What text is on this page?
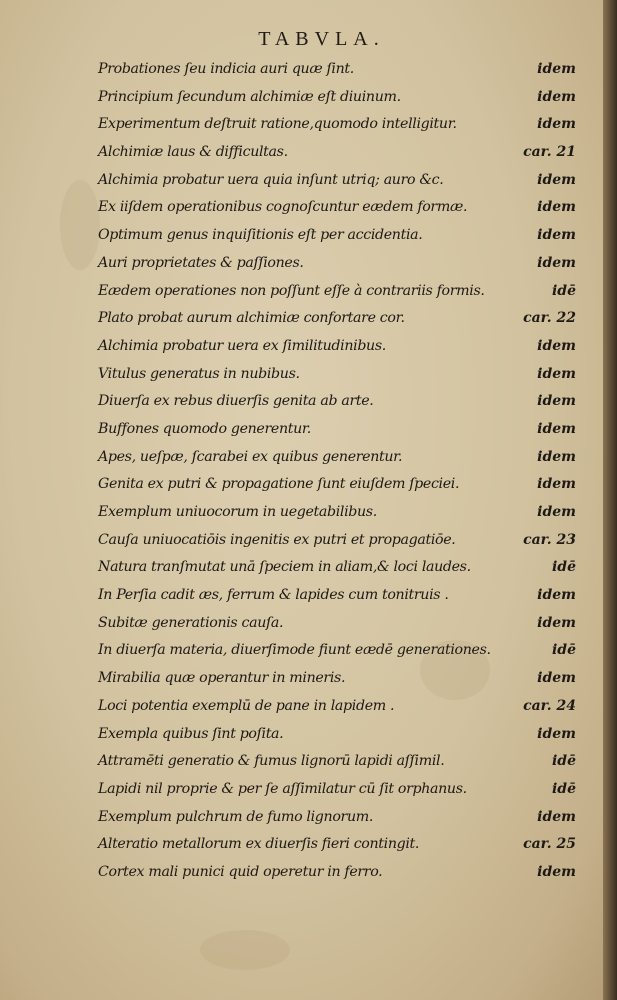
TABVLA.
Probationes ſeu indicia auri quæ ſint.	idem
Principium ſecundum alchimiæ eſt diuinum.	idem
Experimentum deſtruit ratione,quomodo intelligitur.	idem
Alchimiæ laus & difficultas.	car. 21
Alchimia probatur uera quia inſunt utriq; auro &c.	idem
Ex iiſdem operationibus cognoſcuntur eædem formæ.	idem
Optimum genus inquiſitionis eſt per accidentia.	idem
Auri proprietates & paſſiones.	idem
Eædem operationes non poſſunt eſſe à contrariis formis.	idē
Plato probat aurum alchimiæ confortare cor.	car. 22
Alchimia probatur uera ex ſimilitudinibus.	idem
Vitulus generatus in nubibus.	idem
Diuerſa ex rebus diuerſis genita ab arte.	idem
Buffones quomodo generentur.	idem
Apes, ueſpæ, ſcarabei ex quibus generentur.	idem
Genita ex putri & propagatione ſunt eiuſdem ſpeciei.	idem
Exemplum uniuocorum in uegetabilibus.	idem
Cauſa uniuocatiōis ingenitis ex putri et propagatiōe.	car. 23
Natura tranſmutat unā ſpeciem in aliam,& loci laudes.	idē
In Perſia cadit æs, ferrum & lapides cum tonitruis .	idem
Subitæ generationis cauſa.	idem
In diuerſa materia, diuerſimode fiunt eædē generationes.	idē
Mirabilia quæ operantur in mineris.	idem
Loci potentia exemplū de pane in lapidem .	car. 24
Exempla quibus ſint poſita.	idem
Attramēti generatio & fumus lignorū lapidi aſſimil.	idē
Lapidi nil proprie & per ſe aſſimilatur cū ſit orphanus.	idē
Exemplum pulchrum de fumo lignorum.	idem
Alteratio metallorum ex diuerſis fieri contingit.	car. 25
Cortex mali punici quid operetur in ferro.	idem
